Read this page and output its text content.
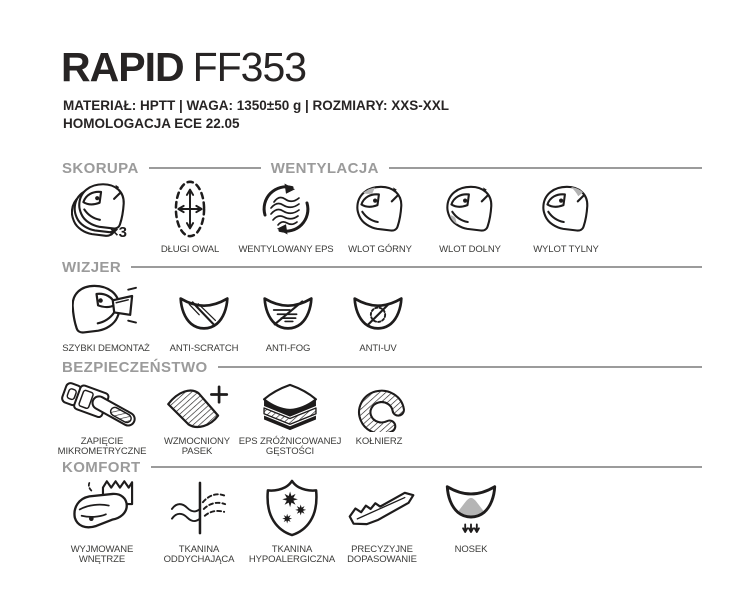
RAPID FF353
MATERIAŁ: HPTT | WAGA: 1350±50 g | ROZMIARY: XXS-XXL
HOMOLOGACJA ECE 22.05
SKORUPA	WENTYLACJA
×3
DŁUGI OWAL WENTYLOWANY EPS WLOT GÓRNY	WLOT DOLNY	WYLOT TYLNY
WIZJER
SZYBKI DEMONTAŻ ANTI-SCRATCH	ANTI-FOG	ANTI-UV
BEZPIECZEŃSTWO
ZAPIĘCIE
MIKROMETRYCZNE
WZMOCNIONY
PASEK
EPS ZRÓŻNICOWANEJ
GĘSTOŚCI
KOŁNIERZ
KOMFORT
WYJMOWANE
WNĘTRZE
TKANINA
ODDYCHAJĄCA
TKANINA
HYPOALERGICZNA
PRECYZYJNE
DOPASOWANIE
NOSEK
